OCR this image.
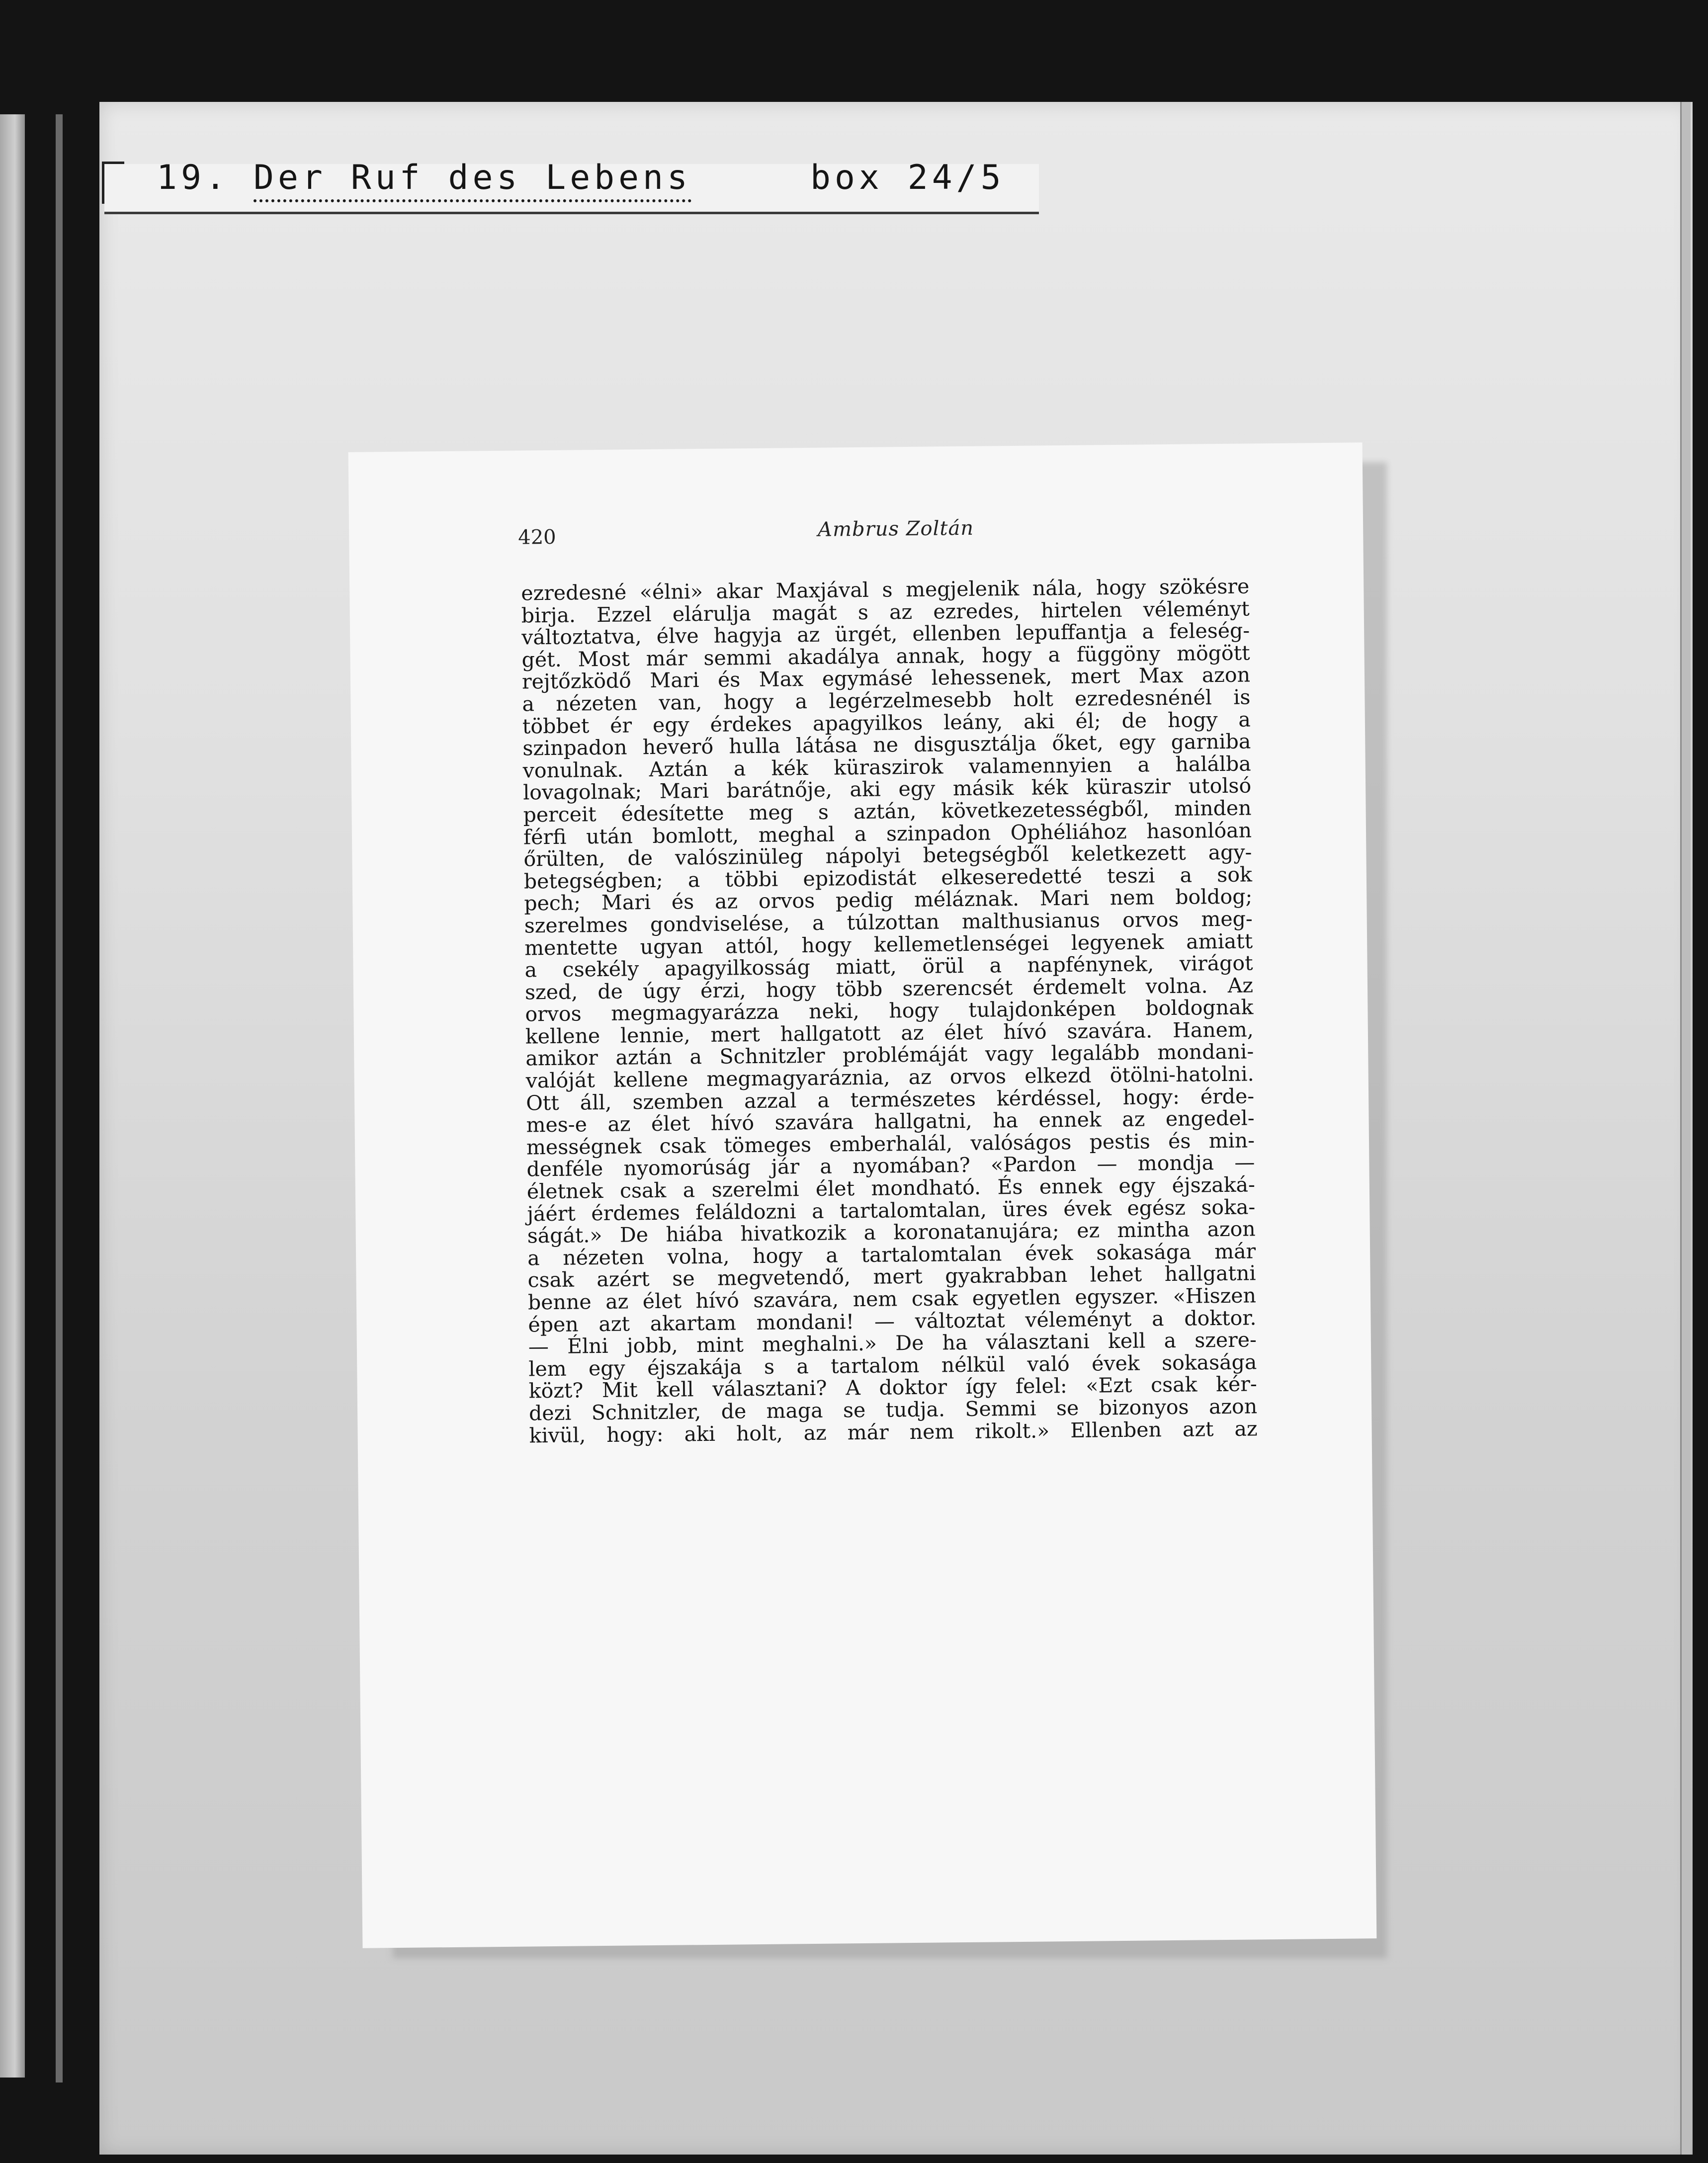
19. Der Ruf des Lebens	box 24/5
420	Ambrus Zoltán
ezredesné «élni» akar Maxjával s megjelenik nála, hogy szökésre
birja. Ezzel elárulja magát s az ezredes, hirtelen véleményt
változtatva, élve hagyja az ürgét, ellenben lepuffantja a feleség-
gét. Most már semmi akadálya annak, hogy a függöny mögött
rejtőzködő Mari és Max egymásé lehessenek, mert Max azon
a nézeten van, hogy a legérzelmesebb holt ezredesnénél is
többet ér egy érdekes apagyilkos leány, aki él; de hogy a
szinpadon heverő hulla látása ne disgusztálja őket, egy garniba
vonulnak. Aztán a kék küraszirok valamennyien a halálba
lovagolnak; Mari barátnője, aki egy másik kék küraszir utolsó
perceit édesítette meg s aztán, következetességből, minden
férfi után bomlott, meghal a szinpadon Ophéliához hasonlóan
őrülten, de valószinüleg nápolyi betegségből keletkezett agy-
betegségben; a többi epizodistát elkeseredetté teszi a sok
pech; Mari és az orvos pedig méláznak. Mari nem boldog;
szerelmes gondviselése, a túlzottan malthusianus orvos meg-
mentette ugyan attól, hogy kellemetlenségei legyenek amiatt
a csekély apagyilkosság miatt, örül a napfénynek, virágot
szed, de úgy érzi, hogy több szerencsét érdemelt volna. Az
orvos megmagyarázza neki, hogy tulajdonképen boldognak
kellene lennie, mert hallgatott az élet hívó szavára. Hanem,
amikor aztán a Schnitzler problémáját vagy legalább mondani-
valóját kellene megmagyaráznia, az orvos elkezd ötölni-hatolni.
Ott áll, szemben azzal a természetes kérdéssel, hogy: érde-
mes-e az élet hívó szavára hallgatni, ha ennek az engedel-
mességnek csak tömeges emberhalál, valóságos pestis és min-
denféle nyomorúság jár a nyomában? «Pardon — mondja —
életnek csak a szerelmi élet mondható. És ennek egy éjszaká-
jáért érdemes feláldozni a tartalomtalan, üres évek egész soka-
ságát.» De hiába hivatkozik a koronatanujára; ez mintha azon
a nézeten volna, hogy a tartalomtalan évek sokasága már
csak azért se megvetendő, mert gyakrabban lehet hallgatni
benne az élet hívó szavára, nem csak egyetlen egyszer. «Hiszen
épen azt akartam mondani! — változtat véleményt a doktor.
— Élni jobb, mint meghalni.» De ha választani kell a szere-
lem egy éjszakája s a tartalom nélkül való évek sokasága
közt? Mit kell választani? A doktor így felel: «Ezt csak kér-
dezi Schnitzler, de maga se tudja. Semmi se bizonyos azon
kivül, hogy: aki holt, az már nem rikolt.» Ellenben azt az
